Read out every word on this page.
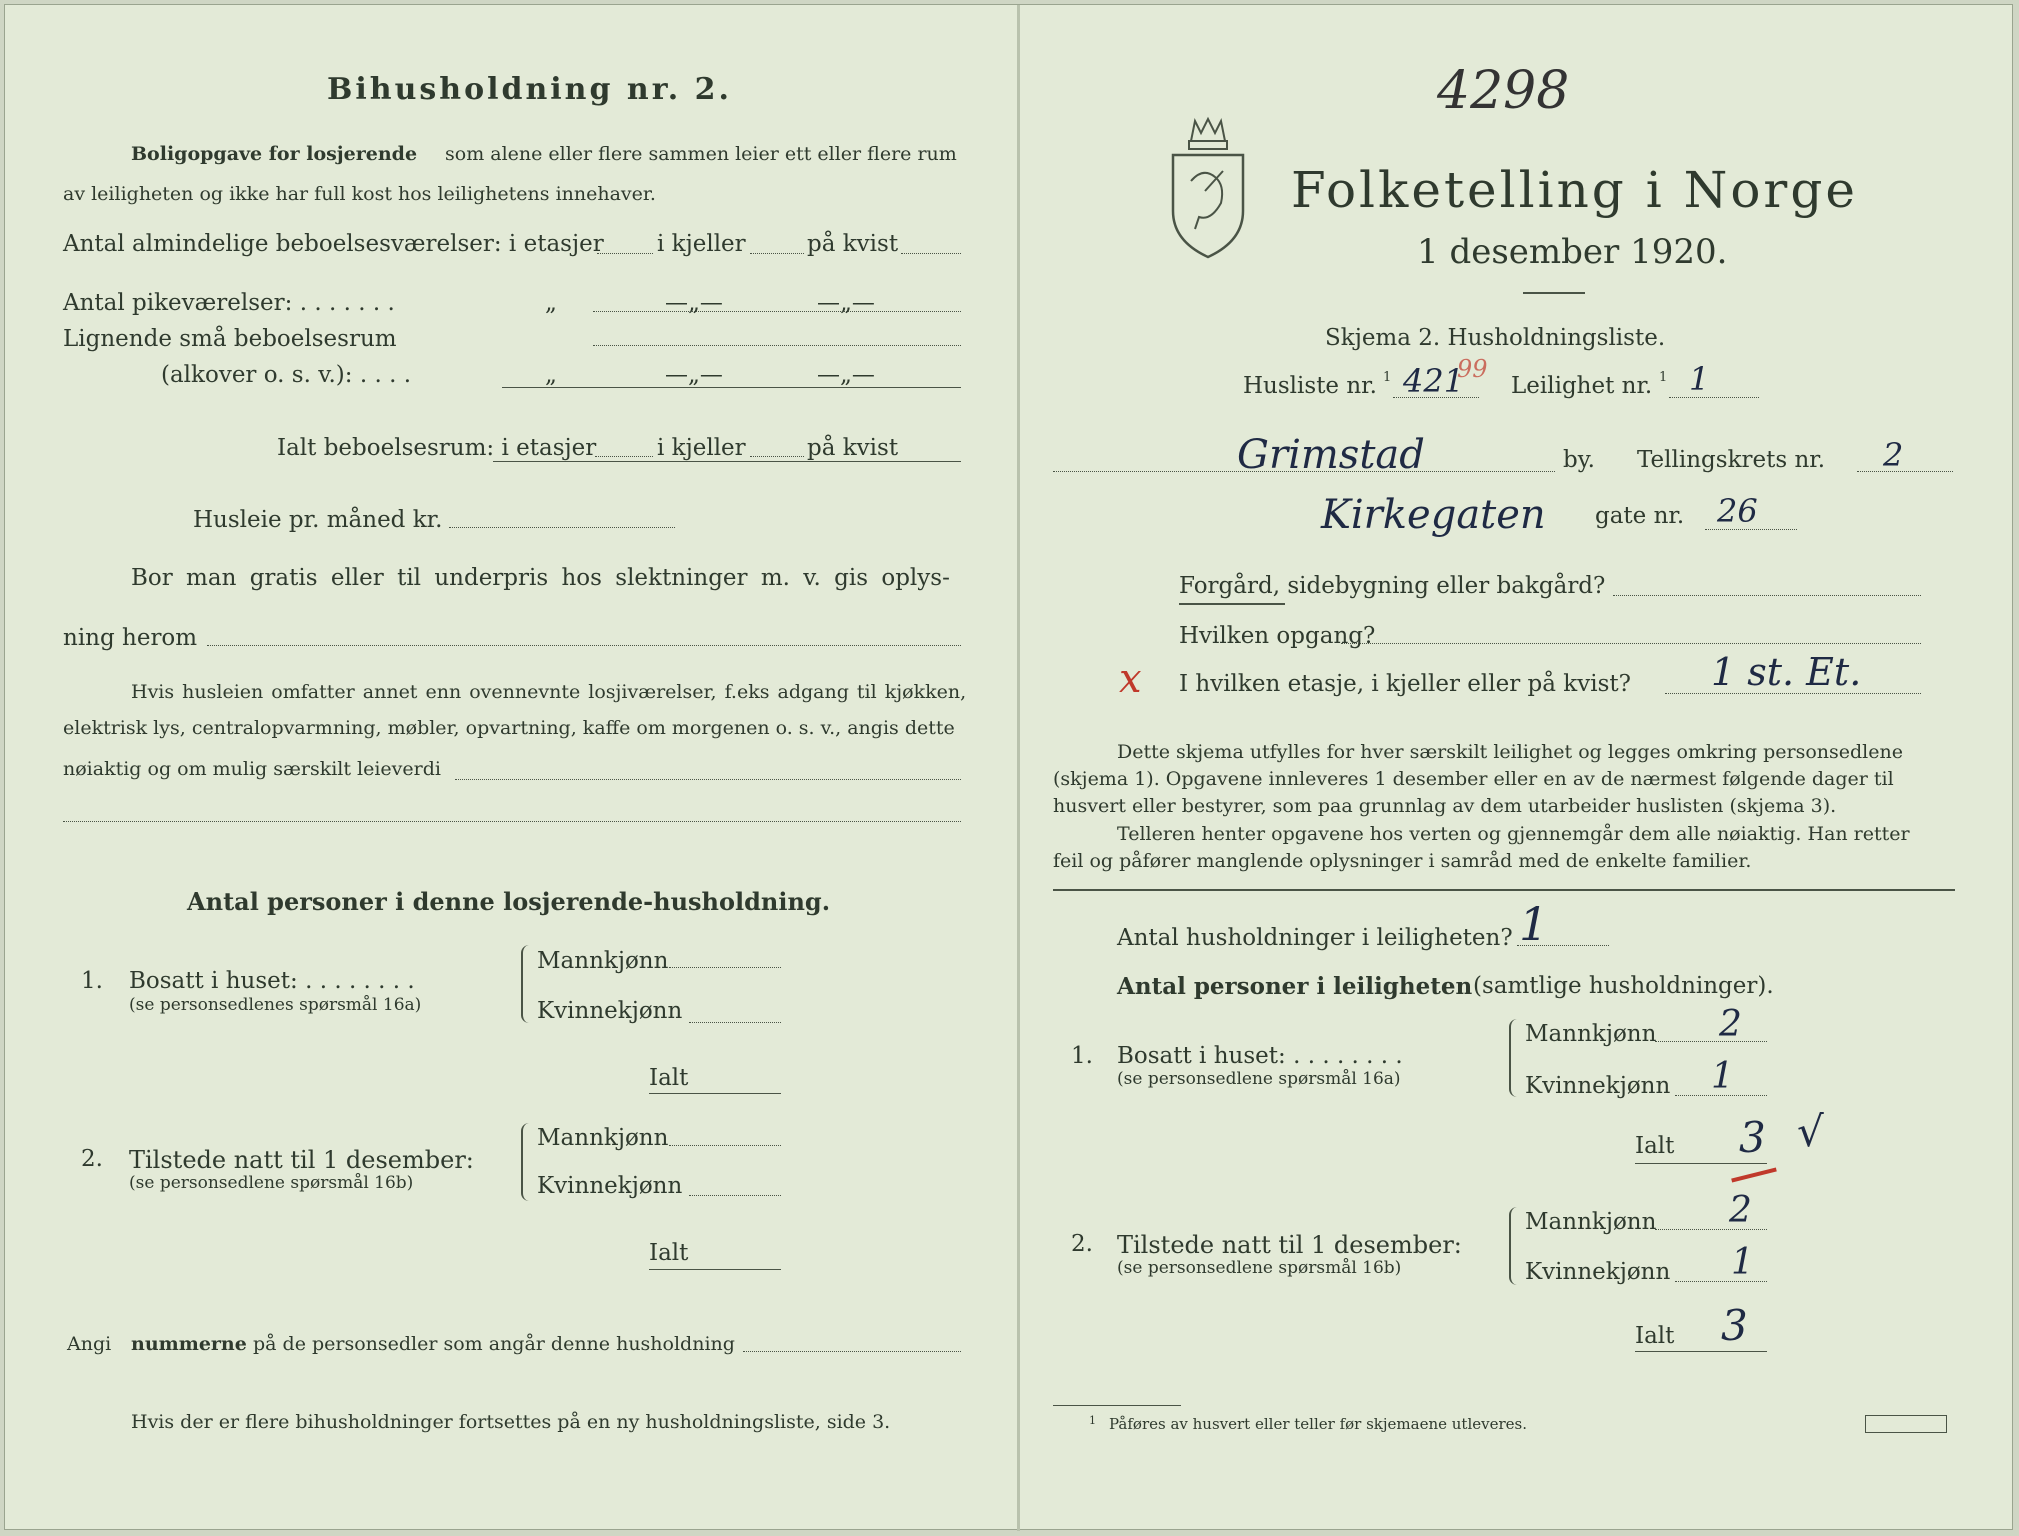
Bihusholdning nr. 2.
Boligopgave for losjerende som alene eller flere sammen leier ett eller flere rum
av leiligheten og ikke har full kost hos leilighetens innehaver.
Antal almindelige beboelsesværelser: i etasjer i kjeller	på kvist
Antal pikeværelser: . . . . . . .	„	—„—	—„—
Lignende små beboelsesrum
(alkover o. s. v.): . . . .	„	—„—	—„—
Ialt beboelsesrum: i etasjer	i kjeller	på kvist
Husleie pr. måned kr.
Bor man gratis eller til underpris hos slektninger m. v. gis oplys-
ning herom
Hvis husleien omfatter annet enn ovennevnte losjiværelser, f.eks adgang til kjøkken,
elektrisk lys, centralopvarmning, møbler, opvartning, kaffe om morgenen o. s. v., angis dette
nøiaktig og om mulig særskilt leieverdi
Antal personer i denne losjerende-husholdning.
1. Bosatt i huset: . . . . . . . .
(se personsedlenes spørsmål 16a)
Mannkjønn
Kvinnekjønn
Ialt
2. Tilstede natt til 1 desember:
(se personsedlene spørsmål 16b)
Mannkjønn
Kvinnekjønn
Ialt
Angi nummerne på de personsedler som angår denne husholdning
Hvis der er flere bihusholdninger fortsettes på en ny husholdningsliste, side 3.
4298
Folketelling i Norge
1 desember 1920.
Skjema 2. Husholdningsliste.
Husliste nr. 1 421
99
Leilighet nr. 1 1
Grimstad	by. Tellingskrets nr. 2
Kirkegaten gate nr. 26
Forgård, sidebygning eller bakgård?
Hvilken opgang?
x I hvilken etasje, i kjeller eller på kvist? 1 st. Et.
Dette skjema utfylles for hver særskilt leilighet og legges omkring personsedlene
(skjema 1). Opgavene innleveres 1 desember eller en av de nærmest følgende dager til
husvert eller bestyrer, som paa grunnlag av dem utarbeider huslisten (skjema 3).
Telleren henter opgavene hos verten og gjennemgår dem alle nøiaktig. Han retter
feil og påfører manglende oplysninger i samråd med de enkelte familier.
Antal husholdninger i leiligheten? 1
Antal personer i leiligheten (samtlige husholdninger).
1. Bosatt i huset: . . . . . . . .
(se personsedlene spørsmål 16a)
Mannkjønn 2
Kvinnekjønn 1
Ialt 3 √
2. Tilstede natt til 1 desember:
(se personsedlene spørsmål 16b)
Mannkjønn 2
Kvinnekjønn 1
Ialt 3
1 Påføres av husvert eller teller før skjemaene utleveres.
